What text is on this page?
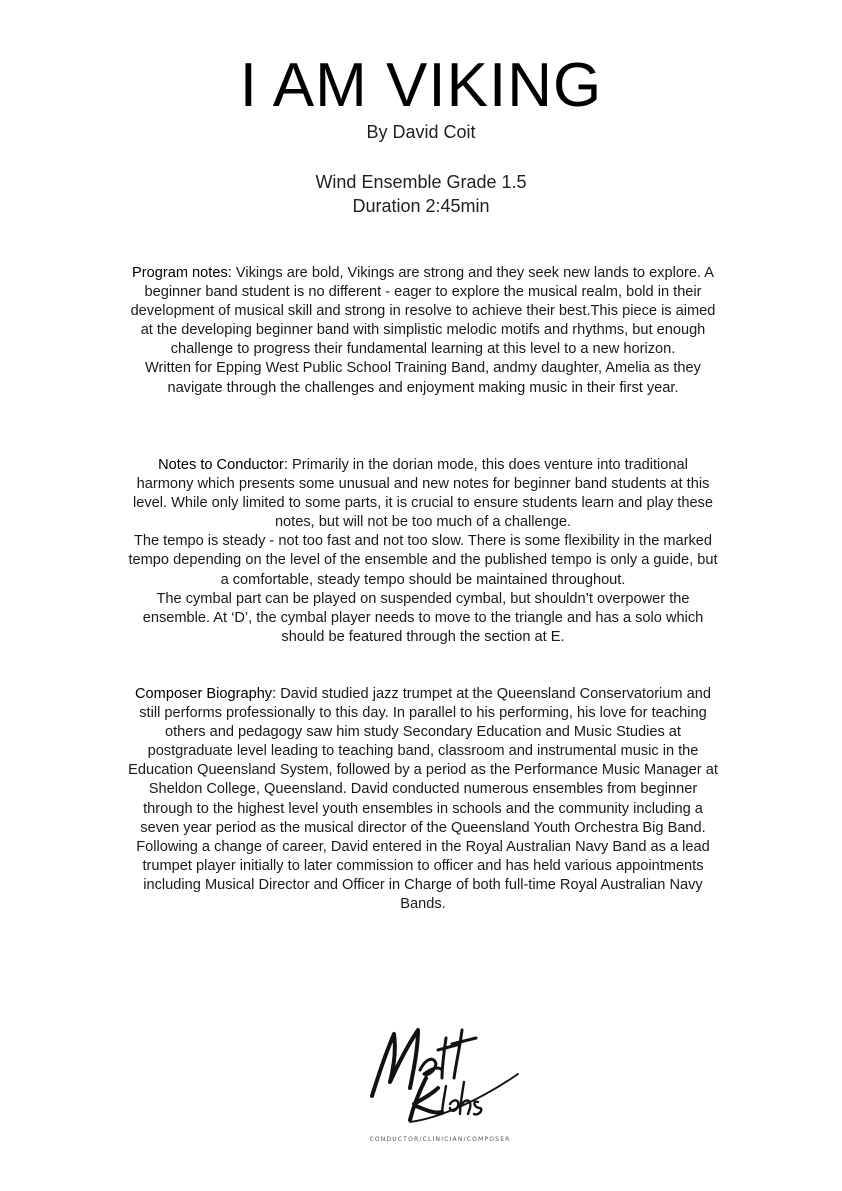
I AM VIKING
By David Coit
Wind Ensemble Grade 1.5
Duration 2:45min

Program notes: Vikings are bold, Vikings are strong and they seek new lands to explore. A beginner band student is no different - eager to explore the musical realm, bold in their development of musical skill and strong in resolve to achieve their best.This piece is aimed at the developing beginner band with simplistic melodic motifs and rhythms, but enough challenge to progress their fundamental learning at this level to a new horizon.

Written for Epping West Public School Training Band, andmy daughter, Amelia as they navigate through the challenges and enjoyment making music in their first year.

Notes to Conductor: Primarily in the dorian mode, this does venture into traditional harmony which presents some unusual and new notes for beginner band students at this level. While only limited to some parts, it is crucial to ensure students learn and play these notes, but will not be too much of a challenge.

The tempo is steady - not too fast and not too slow. There is some flexibility in the marked tempo depending on the level of the ensemble and the published tempo is only a guide, but a comfortable, steady tempo should be maintained throughout.

The cymbal part can be played on suspended cymbal, but shouldn’t overpower the ensemble. At ‘D’, the cymbal player needs to move to the triangle and has a solo which should be featured through the section at E.

Composer Biography: David studied jazz trumpet at the Queensland Conservatorium and still performs professionally to this day. In parallel to his performing, his love for teaching others and pedagogy saw him study Secondary Education and Music Studies at postgraduate level leading to teaching band, classroom and instrumental music in the Education Queensland System, followed by a period as the Performance Music Manager at Sheldon College, Queensland. David conducted numerous ensembles from beginner through to the highest level youth ensembles in schools and the community including a seven year period as the musical director of the Queensland Youth Orchestra Big Band.

Following a change of career, David entered in the Royal Australian Navy Band as a lead trumpet player initially to later commission to officer and has held various appointments including Musical Director and Officer in Charge of both full-time Royal Australian Navy Bands.

CONDUCTOR/CLINICIAN/COMPOSER
